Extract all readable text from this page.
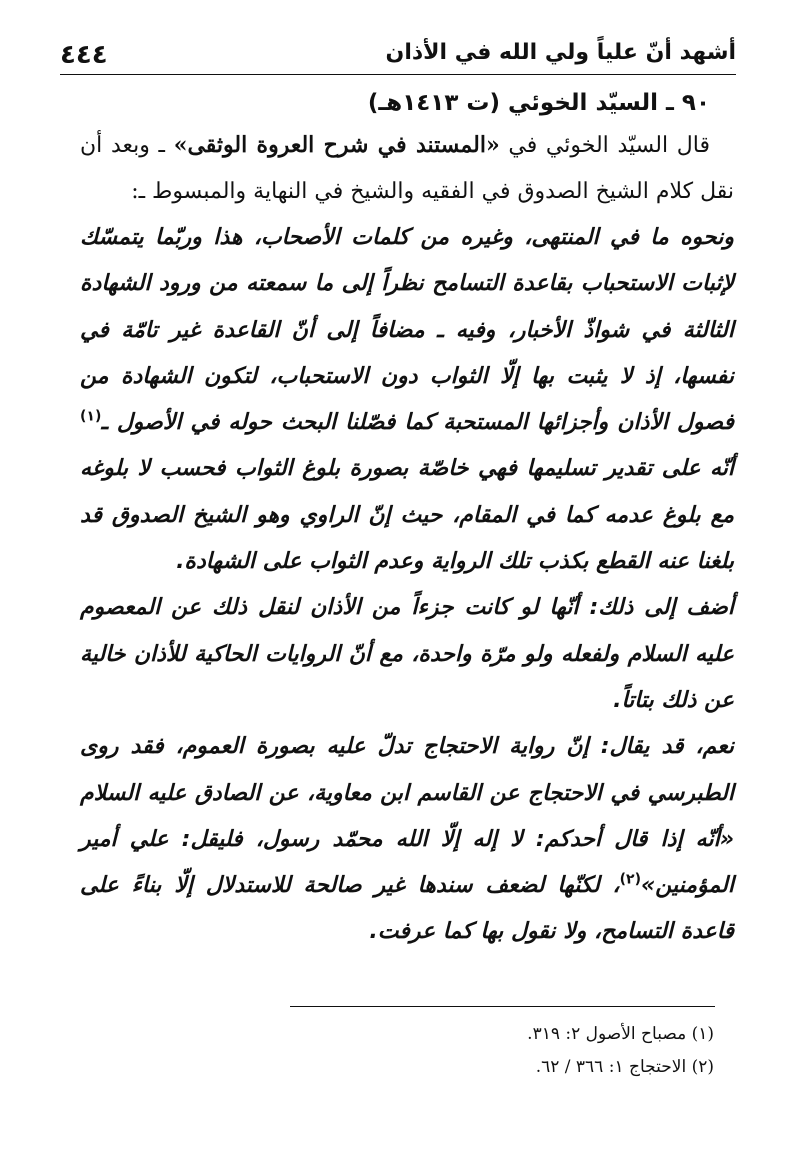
٤٤٤	أشهد أنّ علياً ولي الله في الأذان
٩٠ ـ السيّد الخوئي (ت ١٤١٣هـ)

قال السيّد الخوئي في «المستند في شرح العروة الوثقى» ـ وبعد أن نقل كلام الشيخ الصدوق في الفقيه والشيخ في النهاية والمبسوط ـ:

ونحوه ما في المنتهى، وغيره من كلمات الأصحاب، هذا وربّما يتمسّك لإثبات الاستحباب بقاعدة التسامح نظراً إلى ما سمعته من ورود الشهادة الثالثة في شواذّ الأخبار، وفيه ـ مضافاً إلى أنّ القاعدة غير تامّة في نفسها، إذ لا يثبت بها إلّا الثواب دون الاستحباب، لتكون الشهادة من فصول الأذان وأجزائها المستحبة كما فصّلنا البحث حوله في الأصول ـ$^{(١)}$ أنّه على تقدير تسليمها فهي خاصّة بصورة بلوغ الثواب فحسب لا بلوغه مع بلوغ عدمه كما في المقام، حيث إنّ الراوي وهو الشيخ الصدوق قد بلغنا عنه القطع بكذب تلك الرواية وعدم الثواب على الشهادة.

أضف إلى ذلك: أنّها لو كانت جزءاً من الأذان لنقل ذلك عن المعصوم عليه السلام ولفعله ولو مرّة واحدة، مع أنّ الروايات الحاكية للأذان خالية عن ذلك بتاتاً.

نعم، قد يقال: إنّ رواية الاحتجاج تدلّ عليه بصورة العموم، فقد روى الطبرسي في الاحتجاج عن القاسم ابن معاوية، عن الصادق عليه السلام «أنّه إذا قال أحدكم: لا إله إلّا الله محمّد رسول، فليقل: علي أمير المؤمنين»$^{(٢)}$، لكنّها لضعف سندها غير صالحة للاستدلال إلّا بناءً على قاعدة التسامح، ولا نقول بها كما عرفت.

(١) مصباح الأصول ٢: ٣١٩.

(٢) الاحتجاج ١: ٣٦٦ / ٦٢.
